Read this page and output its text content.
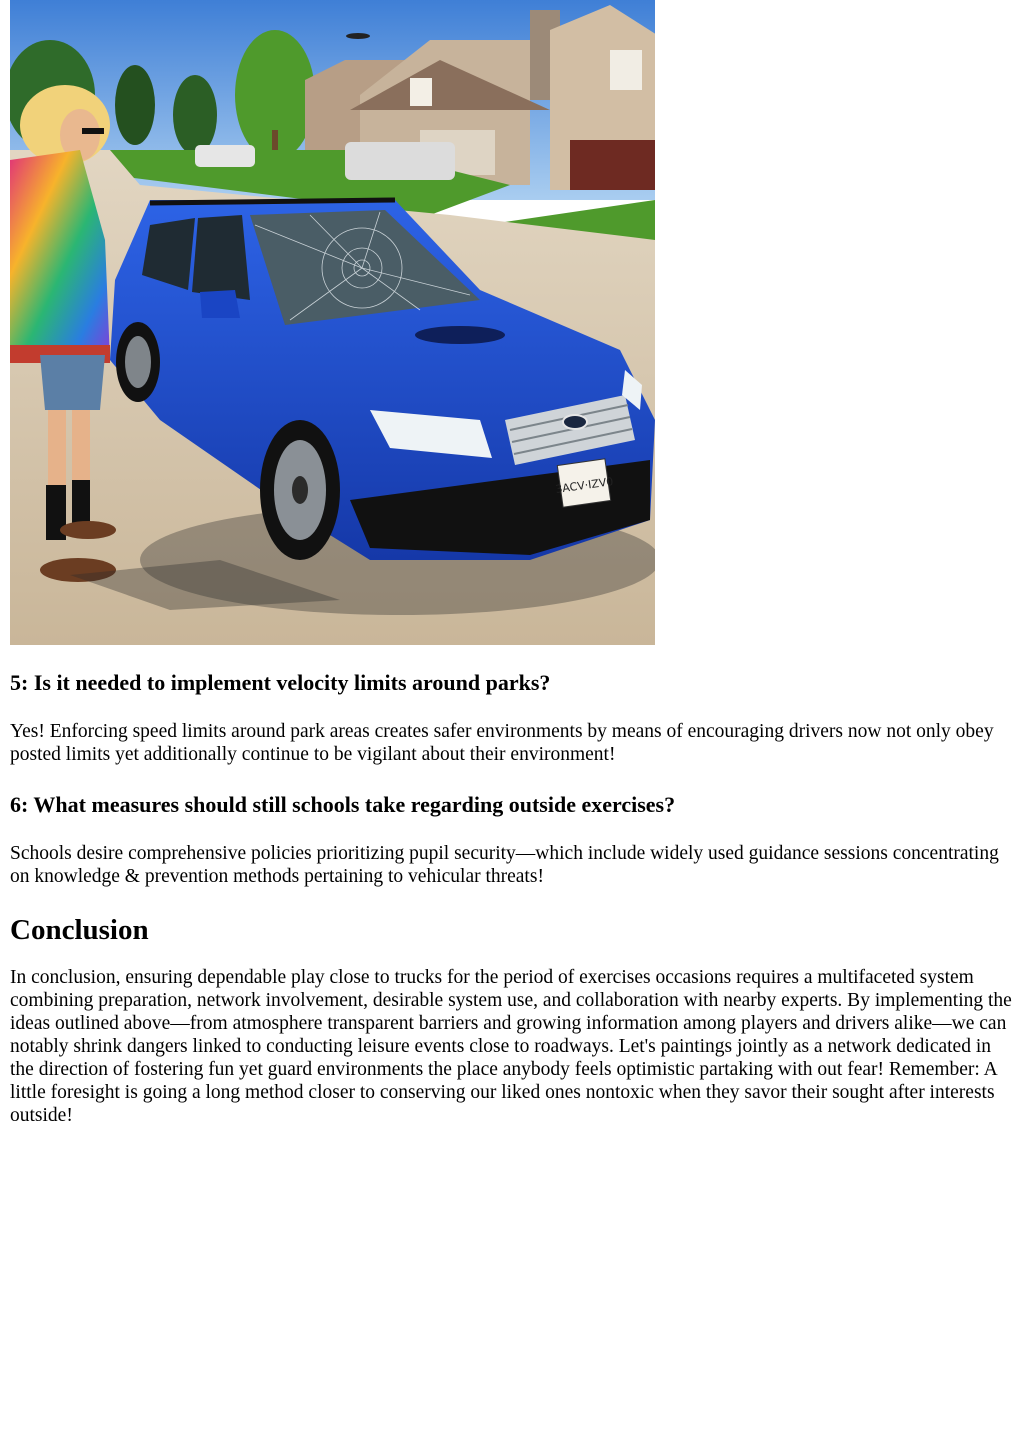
3ACV·IZV0
5: Is it needed to implement velocity limits around parks?

Yes! Enforcing speed limits around park areas creates safer environments by means of encouraging drivers now not only obey posted limits yet additionally continue to be vigilant about their environment!

6: What measures should still schools take regarding outside exercises?

Schools desire comprehensive policies prioritizing pupil security—which include widely used guidance sessions concentrating on knowledge & prevention methods pertaining to vehicular threats!

Conclusion

In conclusion, ensuring dependable play close to trucks for the period of exercises occasions requires a multifaceted system combining preparation, network involvement, desirable system use, and collaboration with nearby experts. By implementing the ideas outlined above—from atmosphere transparent barriers and growing information among players and drivers alike—we can notably shrink dangers linked to conducting leisure events close to roadways. Let's paintings jointly as a network dedicated in the direction of fostering fun yet guard environments the place anybody feels optimistic partaking with out fear! Remember: A little foresight is going a long method closer to conserving our liked ones nontoxic when they savor their sought after interests outside!
